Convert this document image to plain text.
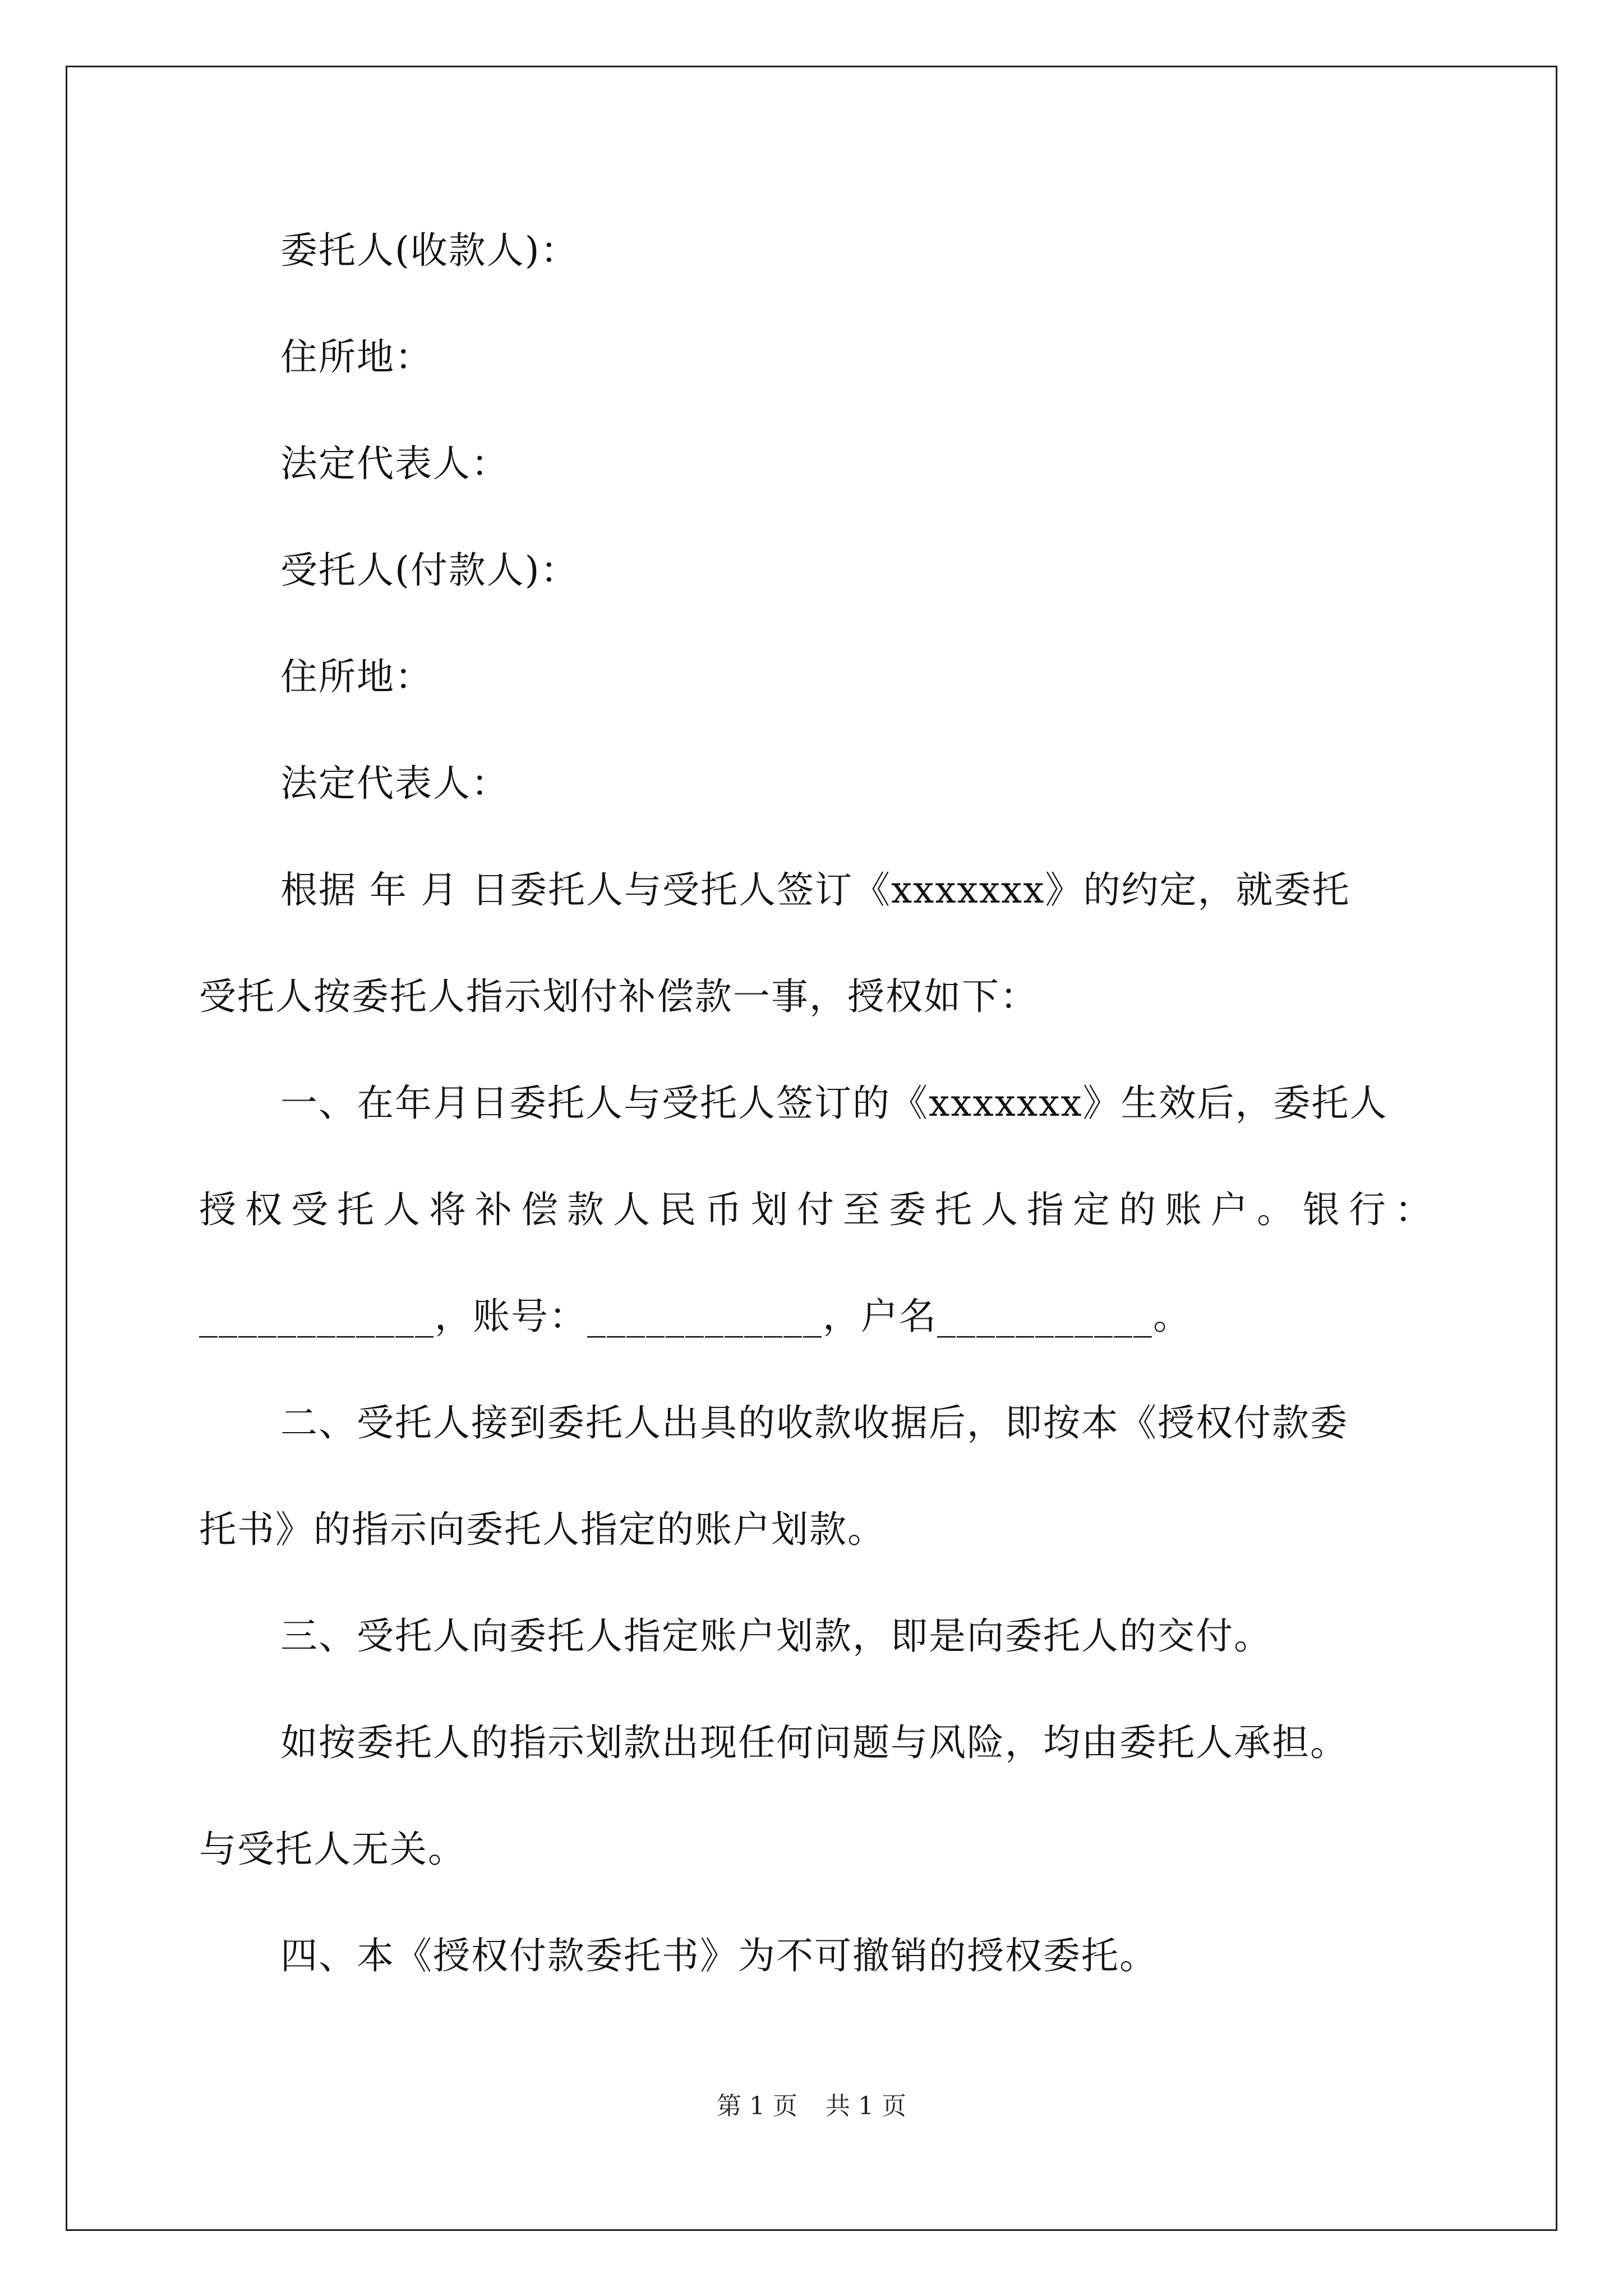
委托人(收款人)：
住所地：
法定代表人：
受托人(付款人)：
住所地：
法定代表人：
根据 年 月 日委托人与受托人签订《xxxxxxx》的约定，就委托
受托人按委托人指示划付补偿款一事，授权如下：
一、在年月日委托人与受托人签订的《xxxxxxx》生效后，委托人
授权受托人将补偿款人民币划付至委托人指定的账户。银行：
____________，账号：____________，户名___________。
二、受托人接到委托人出具的收款收据后，即按本《授权付款委
托书》的指示向委托人指定的账户划款。
三、受托人向委托人指定账户划款，即是向委托人的交付。
如按委托人的指示划款出现任何问题与风险，均由委托人承担。
与受托人无关。
四、本《授权付款委托书》为不可撤销的授权委托。
第 1 页 共 1 页
